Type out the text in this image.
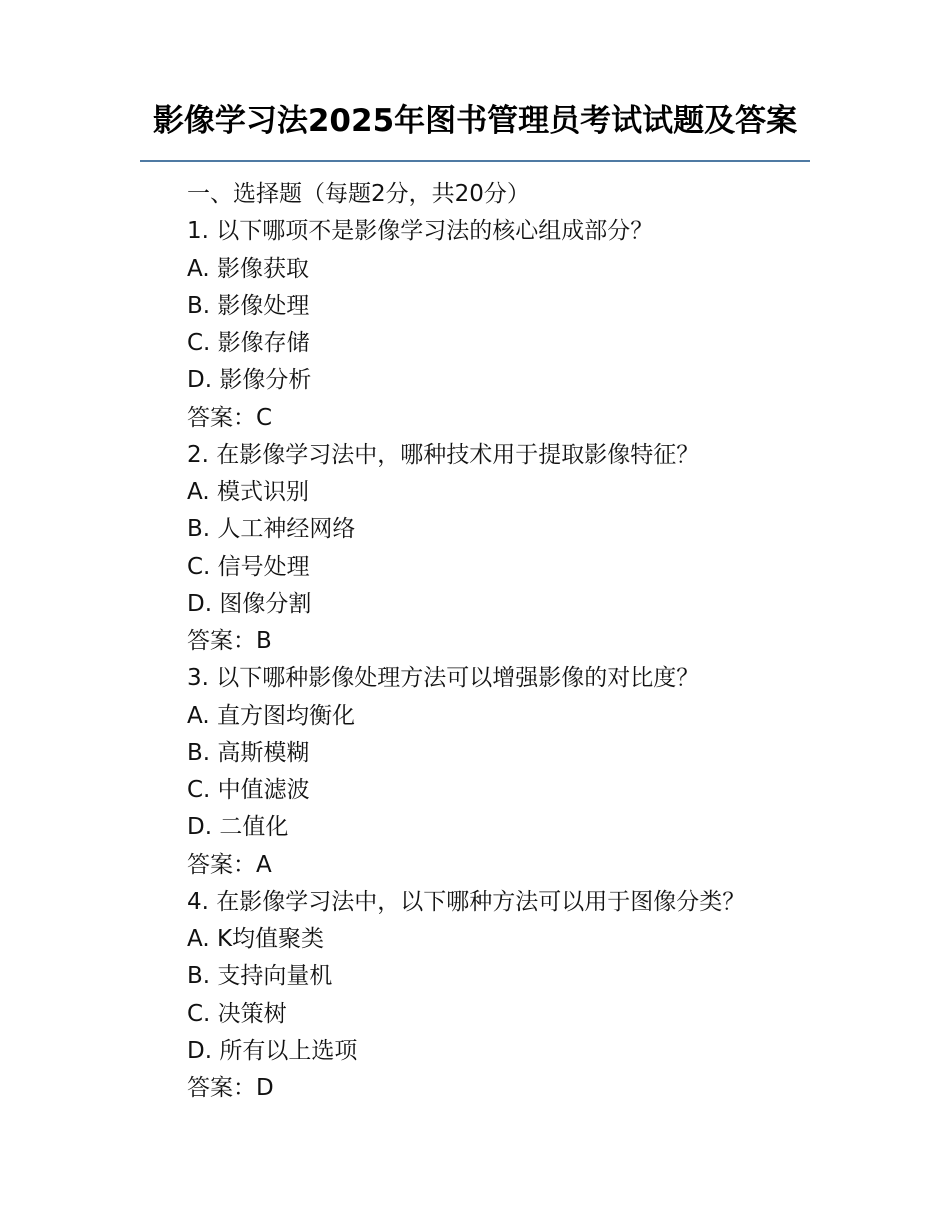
影像学习法2025年图书管理员考试试题及答案
一、选择题（每题2分，共20分）
1. 以下哪项不是影像学习法的核心组成部分？
A. 影像获取
B. 影像处理
C. 影像存储
D. 影像分析
答案：C
2. 在影像学习法中，哪种技术用于提取影像特征？
A. 模式识别
B. 人工神经网络
C. 信号处理
D. 图像分割
答案：B
3. 以下哪种影像处理方法可以增强影像的对比度？
A. 直方图均衡化
B. 高斯模糊
C. 中值滤波
D. 二值化
答案：A
4. 在影像学习法中，以下哪种方法可以用于图像分类？
A. K均值聚类
B. 支持向量机
C. 决策树
D. 所有以上选项
答案：D
